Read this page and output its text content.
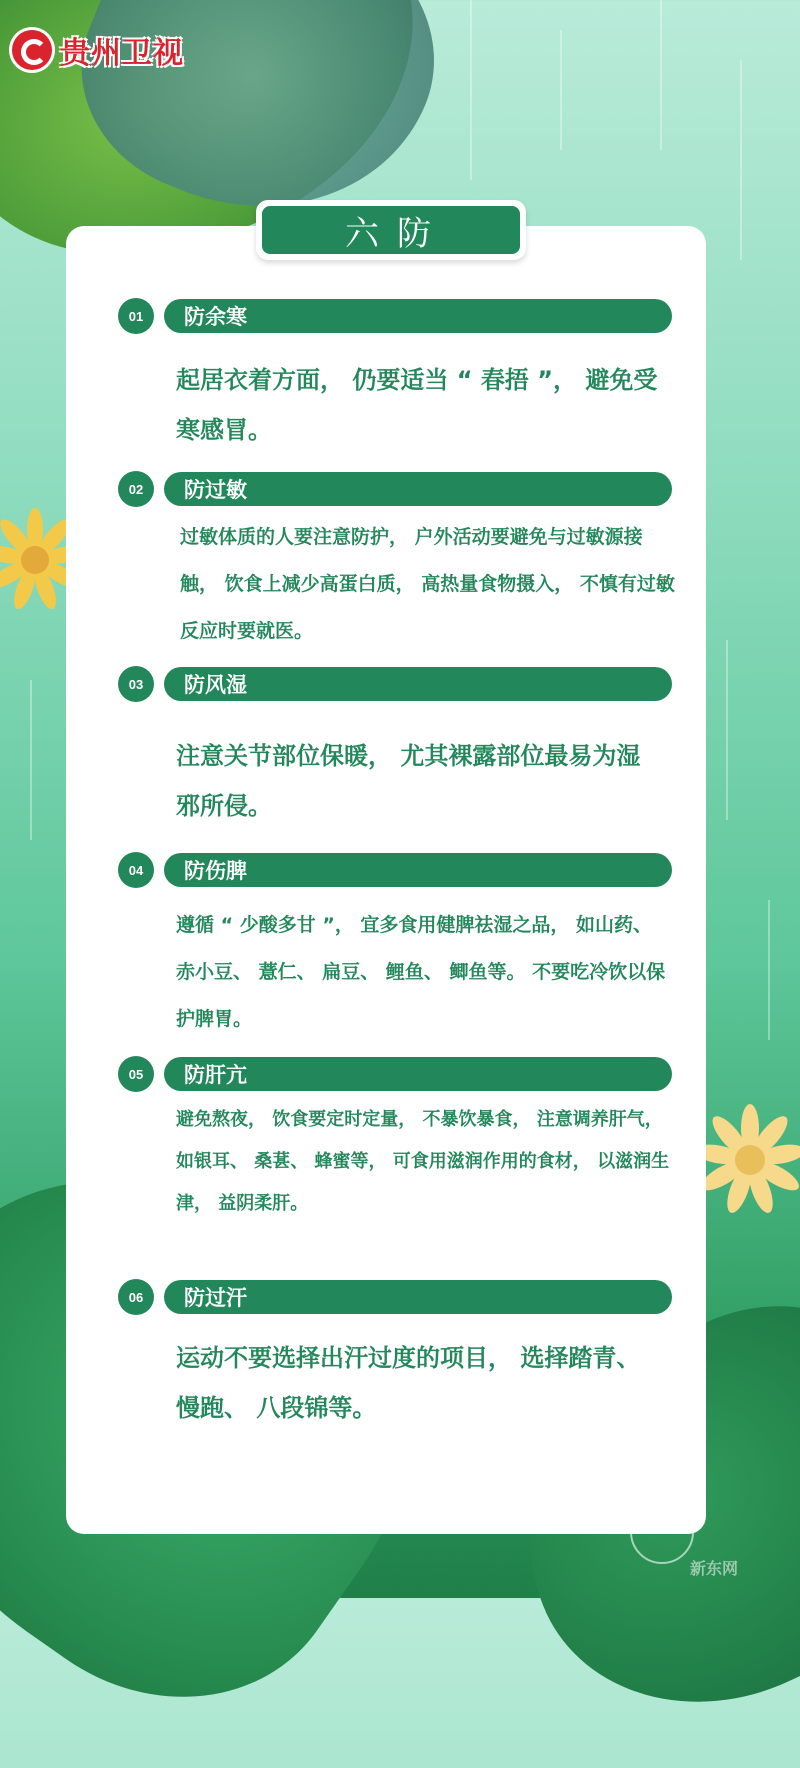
贵州卫视
六防
01	防余寒

起居衣着方面， 仍要适当 “ 春捂 ”， 避免受寒感冒。

02	防过敏

过敏体质的人要注意防护， 户外活动要避免与过敏源接触， 饮食上减少高蛋白质， 高热量食物摄入， 不慎有过敏反应时要就医。

03	防风湿

注意关节部位保暖， 尤其裸露部位最易为湿邪所侵。

04	防伤脾

遵循 “ 少酸多甘 ”， 宜多食用健脾祛湿之品， 如山药、 赤小豆、 薏仁、 扁豆、 鲤鱼、 鲫鱼等。 不要吃冷饮以保护脾胃。

05	防肝亢

避免熬夜， 饮食要定时定量， 不暴饮暴食， 注意调养肝气， 如银耳、 桑葚、 蜂蜜等， 可食用滋润作用的食材， 以滋润生津， 益阴柔肝。

06	防过汗

运动不要选择出汗过度的项目， 选择踏青、 慢跑、 八段锦等。

新东网
